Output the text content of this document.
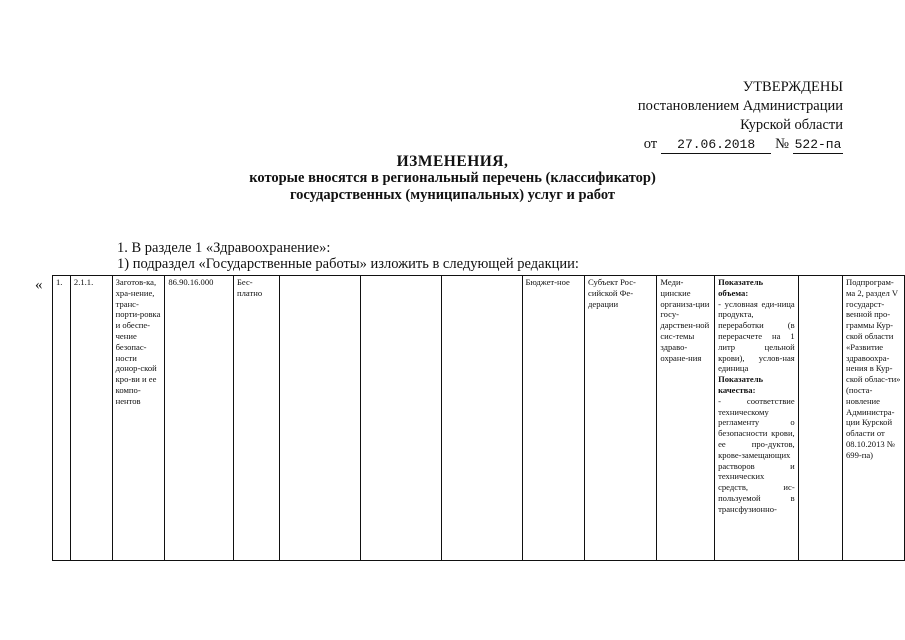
УТВЕРЖДЕНЫ
постановлением Администрации
Курской области
от	27.06.2018	№ 522-па
ИЗМЕНЕНИЯ,
которые вносятся в региональный перечень (классификатор)
государственных (муниципальных) услуг и работ
1. В разделе 1 «Здравоохранение»:
1) подраздел «Государственные работы» изложить в следующей редакции:
« 1.	2.1.1.	Заготов-ка, хра-нение, транс-порти-ровка и обеспе-чение безопас-ности донор-ской кро-ви и ее компо-нентов	86.90.16.000	Бес-платно				Бюджет-ное	Субъект Рос-сийской Фе-дерации	Меди-цинские организа-ции госу-дарствен-ной сис-темы здраво-охране-ния	Показатель объема:
- условная еди-ница продукта, переработки (в перерасчете на 1 литр цельной крови), услов-ная единица
Показатель качества:
- соответствие техническому регламенту о безопасности крови, ее про-дуктов, крове-замещающих растворов и технических средств, ис-пользуемой в трансфузионно-		Подпрограм-ма 2, раздел V государст-венной про-граммы Кур-ской области «Развитие здравоохра-нения в Кур-ской облас-ти» (поста-новление Администра-ции Курской области от 08.10.2013 № 699-па)
